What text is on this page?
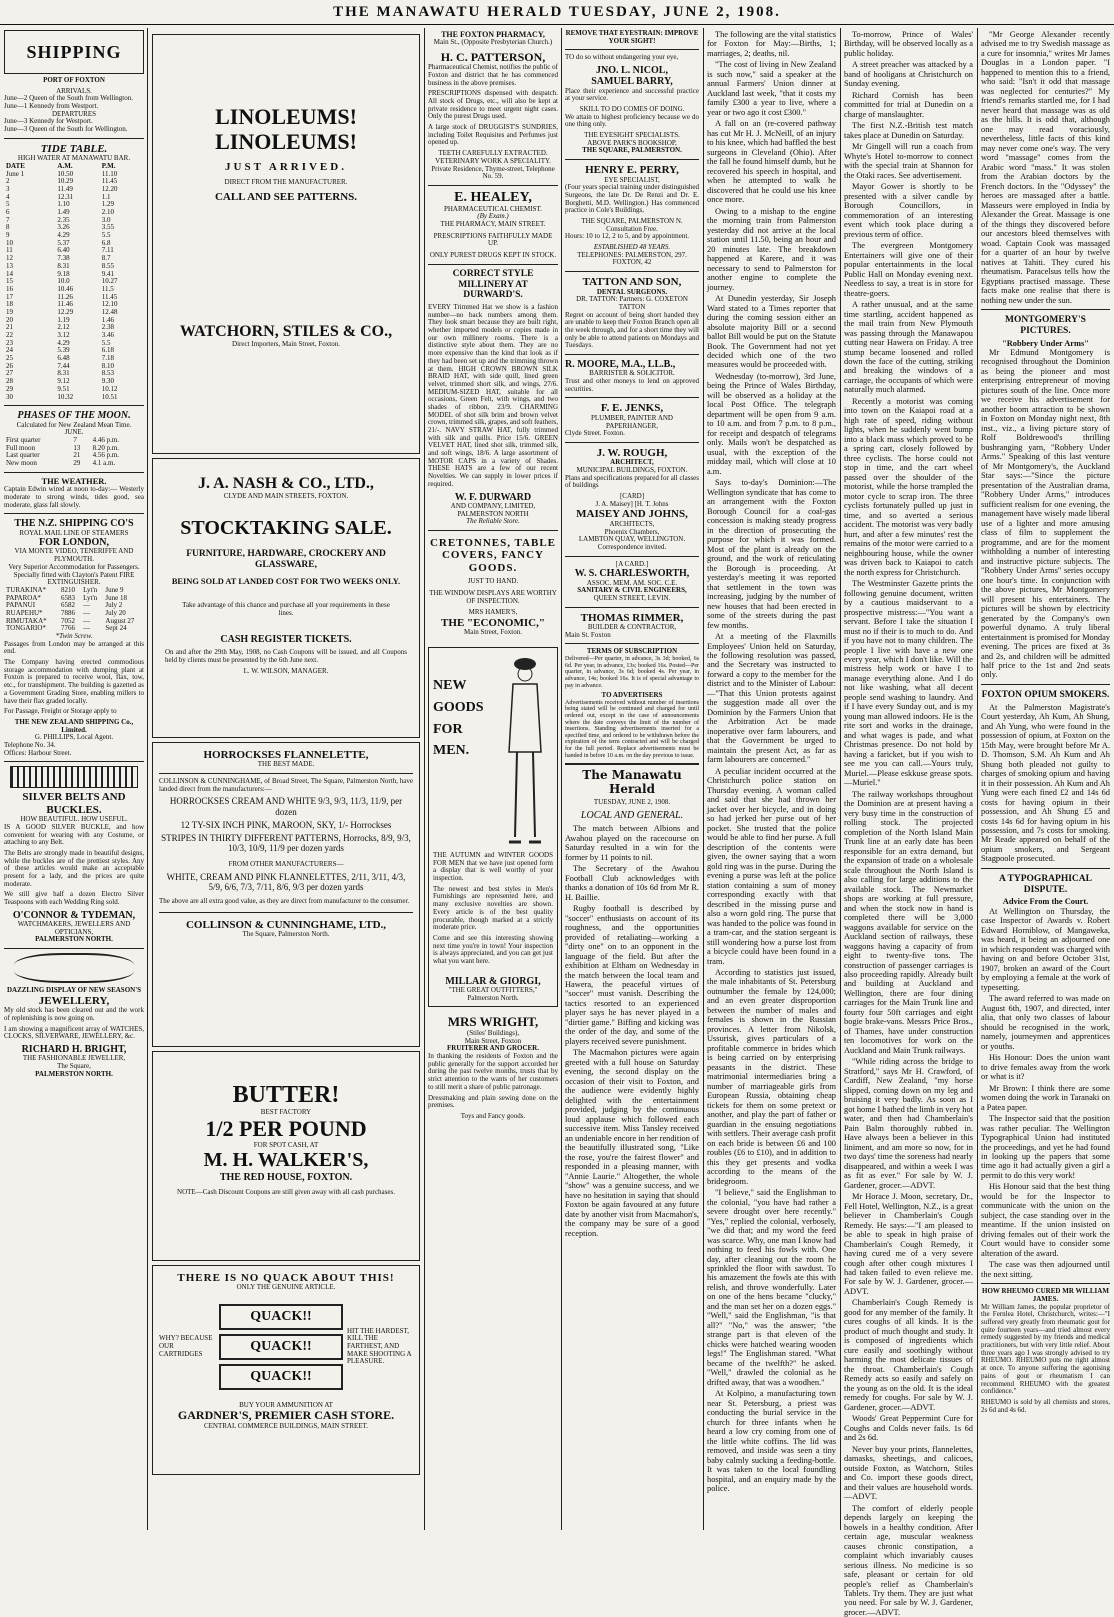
THE MANAWATU HERALD TUESDAY, JUNE 2, 1908.
SHIPPING
PORT OF FOXTON
ARRIVALS.
June—2 Queen of the South from Wellington.
June—1 Kennedy from Westport.
DEPARTURES
June—3 Kennedy for Westport.
June—3 Queen of the South for Wellington.
TIDE TABLE.
HIGH WATER AT MANAWATU BAR.
DATE	A.M.	P.M.
June 1	10.50	11.10
2	10.29	11.45
3	11.49	12.20
4	12.31	1.1
5	1.10	1.29
6	1.49	2.10
7	2.35	3.0
8	3.26	3.55
9	4.29	5.5
10	5.37	6.8
11	6.40	7.11
12	7.38	8.7
13	8.31	8.55
14	9.18	9.41
15	10.0	10.27
16	10.46	11.5
17	11.26	11.45
18	11.46	12.10
19	12.29	12.48
20	1.19	1.46
21	2.12	2.38
22	3.12	3.46
23	4.29	5.5
24	5.39	6.18
25	6.48	7.18
26	7.44	8.10
27	8.31	8.53
28	9.12	9.30
29	9.51	10.12
30	10.32	10.51
PHASES OF THE MOON.
Calculated for New Zealand Mean Time.
JUNE.
First quarter	7	4.46 p.m.
Full moon	13	8.20 p.m.
Last quarter	21	4.56 p.m.
New moon	29	4.1 a.m.
THE WEATHER.
Captain Edwin wired at noon to-day:— Westerly moderate to strong winds, tides good, sea moderate, glass fall slowly.
THE N.Z. SHIPPING CO'S
ROYAL MAIL LINE OF STEAMERS
FOR LONDON,
VIA MONTE VIDEO, TENERIFFE AND PLYMOUTH.
Very Superior Accommodation for Passengers.
Specially fitted with Clayton's Patent FIRE EXTINGUISHER.
TURAKINA*	8210	Lyt'n	June 9
PAPAROA*	6583	Lyt'n	June 18
PAPANUI	6582	—	July 2
RUAPEHU*	7886	—	July 20
RIMUTAKA*	7052	—	August 27
TONGARIO*	7766	—	Sept 24
*Twin Screw.
Passages from London may be arranged at this end.
The Company having erected commodious storage accommodation with dumping plant at Foxton is prepared to receive wool, flax, tow, etc., for transhipment. The building is gazetted as a Government Grading Store, enabling millers to have their flax graded locally.
For Passage, Freight or Storage apply to
THE NEW ZEALAND SHIPPING Co., Limited.
G. PHILLIPS, Local Agent.
Telephone No. 34.
Offices: Harbour Street.
SILVER BELTS AND BUCKLES.
HOW BEAUTIFUL. HOW USEFUL.
IS A GOOD SILVER BUCKLE, and how convenient for wearing with any Costume, or attaching to any Belt.
The Belts are strongly made in beautiful designs, while the buckles are of the prettiest styles. Any of these articles would make an acceptable present for a lady, and the prices are quite moderate.
We still give half a dozen Electro Silver Teaspoons with each Wedding Ring sold.
O'CONNOR & TYDEMAN,
WATCHMAKERS, JEWELLERS AND OPTICIANS,
PALMERSTON NORTH.
DAZZLING DISPLAY OF NEW SEASON'S
JEWELLERY,
My old stock has been cleared out and the work of replenishing is now going on.
I am showing a magnificent array of WATCHES, CLOCKS, SILVERWARE, JEWELLERY, &c.
RICHARD H. BRIGHT,
THE FASHIONABLE JEWELLER,
The Square,
PALMERSTON NORTH.
LINOLEUMS!
LINOLEUMS!
JUST ARRIVED.
DIRECT FROM THE MANUFACTURER.
CALL AND SEE PATTERNS.
WATCHORN, STILES & CO.,
Direct Importers, Main Street, Foxton.
J. A. NASH & CO., LTD.,
CLYDE AND MAIN STREETS, FOXTON.
STOCKTAKING SALE.
FURNITURE, HARDWARE, CROCKERY AND GLASSWARE,
BEING SOLD AT LANDED COST FOR TWO WEEKS ONLY.
Take advantage of this chance and purchase all your requirements in these lines.
CASH REGISTER TICKETS.
On and after the 29th May, 1908, no Cash Coupons will be issued, and all Coupons held by clients must be presented by the 6th June next.
L. W. WILSON, MANAGER.
HORROCKSES FLANNELETTE,
THE BEST MADE.
COLLINSON & CUNNINGHAME, of Broad Street, The Square, Palmerston North, have landed direct from the manufacturers:—
HORROCKSES CREAM AND WHITE 9/3, 9/3, 11/3, 11/9, per dozen
12 TY-SIX INCH PINK, MAROON, SKY, 1/- Horrockses
STRIPES IN THIRTY DIFFERENT PATTERNS, Horrocks, 8/9, 9/3, 10/3, 10/9, 11/9 per dozen yards
FROM OTHER MANUFACTURERS—
WHITE, CREAM AND PINK FLANNELETTES, 2/11, 3/11, 4/3, 5/9, 6/6, 7/3, 7/11, 8/6, 9/3 per dozen yards
The above are all extra good value, as they are direct from manufacturer to the consumer.
COLLINSON & CUNNINGHAME, LTD.,
The Square, Palmerston North.
BUTTER!
BEST FACTORY
1/2 PER POUND
FOR SPOT CASH, AT
M. H. WALKER'S,
THE RED HOUSE, FOXTON.
NOTE—Cash Discount Coupons are still given away with all cash purchases.
THERE IS NO QUACK ABOUT THIS!
ONLY THE GENUINE ARTICLE.
WHY? BECAUSE OUR CARTRIDGES
QUACK!!
QUACK!!
QUACK!!
HIT THE HARDEST, KILL THE FARTHEST, AND MAKE SHOOTING A PLEASURE.
BUY YOUR AMMUNITION AT
GARDNER'S, PREMIER CASH STORE.
CENTRAL COMMERCE BUILDINGS, MAIN STREET.
THE FOXTON PHARMACY,
Main St., (Opposite Presbyterian Church.)
H. C. PATTERSON,
Pharmaceutical Chemist, notifies the public of Foxton and district that he has commenced business in the above premises.
PRESCRIPTIONS dispensed with despatch. All stock of Drugs, etc., will also be kept at private residence to meet urgent night cases. Only the purest Drugs used.
A large stock of DRUGGIST'S SUNDRIES, including Toilet Requisites and Perfumes just opened up.
TEETH CAREFULLY EXTRACTED.
VETERINARY WORK A SPECIALITY.
Private Residence, Thyme-street, Telephone No. 59.
E. HEALEY,
PHARMACEUTICAL CHEMIST.
(By Exam.)
THE PHARMACY, MAIN STREET.
PRESCRIPTIONS FAITHFULLY MADE UP.
ONLY PUREST DRUGS KEPT IN STOCK.
CORRECT STYLE MILLINERY AT DURWARD'S.
EVERY Trimmed Hat we show is a fashion number—no back numbers among them. They look smart because they are built right, whether imported models or copies made in our own millinery rooms. There is a distinctive style about them. They are no more expensive than the kind that look as if they had been set up and the trimming thrown at them. HIGH CROWN BROWN SILK BRAID HAT, with side quill, lined green velvet, trimmed short silk, and wings, 27/6. MEDIUM-SIZED HAT, suitable for all occasions, Green Felt, with wings, and two shades of ribbon, 23/9. CHARMING MODEL of shot silk brim and brown velvet crown, trimmed silk, grapes, and soft feathers, 21/-. NAVY STRAW HAT, fully trimmed with silk and quills. Price 15/6. GREEN VELVET HAT, lined shot silk, trimmed silk, and soft wings, 18/6. A large assortment of MOTOR CAPS in a variety of Shades. THESE HATS are a few of our recent Novelties. We can supply in lower prices if required.
W. F. DURWARD
AND COMPANY, LIMITED, PALMERSTON NORTH
The Reliable Store.
CRETONNES, TABLE COVERS, FANCY GOODS.
JUST TO HAND.
THE WINDOW DISPLAYS ARE WORTHY OF INSPECTION.
MRS HAMER'S,
THE "ECONOMIC,"
Main Street, Foxton.
NEW
GOODS
FOR
MEN.
THE AUTUMN and WINTER GOODS FOR MEN that we have just opened form a display that is well worthy of your inspection.
The newest and best styles in Men's Furnishings are represented here, and many exclusive novelties are shown. Every article is of the best quality procurable, though marked at a strictly moderate price.
Come and see this interesting showing next time you're in town! Your inspection is always appreciated, and you can get just what you want here.
MILLAR & GIORGI,
"THE GREAT OUTFITTERS,"
Palmerston North.
MRS WRIGHT,
(Stiles' Buildings),
Main Street, Foxton
FRUITERER AND GROCER.
In thanking the residents of Foxton and the public generally for the support accorded her during the past twelve months, trusts that by strict attention to the wants of her customers to still merit a share of public patronage.
Dressmaking and plain sewing done on the premises.
Toys and Fancy goods.
REMOVE THAT EYESTRAIN: IMPROVE YOUR SIGHT!
TO do so without endangering your eye,
JNO. L. NICOL,
SAMUEL BARRY,
Place their experience and successful practice at your service.
SKILL TO DO COMES OF DOING.
We attain to highest proficiency because we do one thing only.
THE EYESIGHT SPECIALISTS.
ABOVE PARK'S BOOKSHOP,
THE SQUARE, PALMERSTON.
HENRY E. PERRY,
EYE SPECIALIST,
(Four years special training under distinguished Surgeons, the late Dr. De Renzi and Dr. E. Borghetti, M.D. Wellington.) Has commenced practice in Cole's Buildings,
THE SQUARE, PALMERSTON N. Consultation Free.
Hours: 10 to 12, 2 to 5, and by appointment.
ESTABLISHED 48 YEARS.
TELEPHONES: PALMERSTON, 297. FOXTON, 42
TATTON AND SON,
DENTAL SURGEONS.
DR. TATTON: Partners: G. COXETON TATTON
Regret on account of being short handed they are unable to keep their Foxton Branch open all the week through, and for a short time they will only be able to attend patients on Mondays and Tuesdays.
R. MOORE, M.A., LL.B.,
BARRISTER & SOLICITOR.
Trust and other moneys to lend on approved securities.
F. E. JENKS,
PLUMBER, PAINTER AND PAPERHANGER,
Clyde Street. Foxton.
J. W. ROUGH,
ARCHITECT,
MUNICIPAL BUILDINGS, FOXTON.
Plans and specifications prepared for all classes of buildings
[CARD]
J. A. Maisey] [H. T. Johns
MAISEY AND JOHNS,
ARCHITECTS,
Phoenix Chambers,
LAMBTON QUAY, WELLINGTON.
Correspondence invited.
[A CARD.]
W. S. CHARLESWORTH,
ASSOC. MEM. AM. SOC. C.E.
SANITARY & CIVIL ENGINEERS,
QUEEN STREET, LEVIN.
THOMAS RIMMER,
BUILDER & CONTRACTOR,
Main St. Foxton
TERMS OF SUBSCRIPTION
Delivered—Per quarter, in advance, 3s 3d; booked, 6s 6d. Per year, in advance, 13s; booked 16s. Posted—Per quarter, in advance, 3s 6d; booked 4s. Per year, in advance, 14s; booked 16s. It is of special advantage to pay in advance.
TO ADVERTISERS
Advertisements received without number of insertions being stated will be continued and charged for until ordered out, except in the case of announcements where the date conveys the limit of the number of insertions. Standing advertisements inserted for a specified time, and ordered to be withdrawn before the expiration of the term contracted and will be charged for the full period. Replace advertisements must be handed in before 10 a.m. on the day previous to issue.
The Manawatu Herald
TUESDAY, JUNE 2, 1908.
LOCAL AND GENERAL.
The match between Albions and Awahou played on the racecourse on Saturday resulted in a win for the former by 11 points to nil.
The Secretary of the Awahou Football Club acknowledges with thanks a donation of 10s 6d from Mr R. H. Baillie.
Rugby football is described by "soccer" enthusiasts on account of its roughness, and the opportunities provided of retaliating—working a "dirty one" on to an opponent in the language of the field. But after the exhibition at Eltham on Wednesday in the match between the local team and Hawera, the peaceful virtues of "soccer" must vanish. Describing the tactics resorted to an experienced player says he has never played in a "dirtier game." Biffing and kicking was the order of the day, and some of the players received severe punishment.
The Macmahon pictures were again greeted with a full house on Saturday evening, the second display on the occasion of their visit to Foxton, and the audience were evidently highly delighted with the entertainment provided, judging by the continuous loud applause which followed each successive item. Miss Tansley received an undeniable encore in her rendition of the beautifully illustrated song, "Like the rose, you're the fairest flower" and responded in a pleasing manner, with "Annie Laurie." Altogether, the whole "show" was a genuine success, and we have no hesitation in saying that should Foxton be again favoured at any future date by another visit from Macmahon's, the company may be sure of a good reception.
The following are the vital statistics for Foxton for May:—Births, 1; marriages, 2; deaths, nil.
"The cost of living in New Zealand is such now," said a speaker at the annual Farmers' Union dinner at Auckland last week, "that it costs my family £300 a year to live, where a year or two ago it cost £300."
A fall on an (re-covered pathway has cut Mr H. J. McNeill, of an injury to his knee, which had baffled the best surgeons in Cleveland (Ohio). After the fall he found himself dumb, but he recovered his speech in hospital, and when he attempted to walk he discovered that he could use his knee once more.
Owing to a mishap to the engine the morning train from Palmerston yesterday did not arrive at the local station until 11.50, being an hour and 20 minutes late. The breakdown happened at Karere, and it was necessary to send to Palmerston for another engine to complete the journey.
At Dunedin yesterday, Sir Joseph Ward stated to a Times reporter that during the coming session either an absolute majority Bill or a second ballot Bill would be put on the Statute Book. The Government had not yet decided which one of the two measures would be proceeded with.
Wednesday (to-morrow), 3rd June, being the Prince of Wales Birthday, will be observed as a holiday at the local Post Office. The telegraph department will be open from 9 a.m. to 10 a.m. and from 7 p.m. to 8 p.m., for receipt and despatch of telegrams only. Mails won't be despatched as usual, with the exception of the midday mail, which will close at 10 a.m.
Says to-day's Dominion:—The Wellington syndicate that has come to an arrangement with the Foxton Borough Council for a coal-gas concession is making steady progress in the direction of prosecuting the purpose for which it was formed. Most of the plant is already on the ground, and the work of reticulating the Borough is proceeding. At yesterday's meeting it was reported that settlement in the town was increasing, judging by the number of new houses that had been erected in some of the streets during the past few months.
At a meeting of the Flaxmills Employees' Union held on Saturday, the following resolution was passed, and the Secretary was instructed to forward a copy to the member for the district and to the Minister of Labour:—"That this Union protests against the suggestion made all over the Dominion by the Farmers Union that the Arbitration Act be made inoperative over farm labourers, and that the Government be urged to maintain the present Act, as far as farm labourers are concerned."
A peculiar incident occurred at the Christchurch police station on Thursday evening. A woman called and said that she had thrown her jacket over her bicycle, and in doing so had jerked her purse out of her pocket. She trusted that the police would be able to find her purse. A full description of the contents were given, the owner saying that a worn gold ring was in the purse. During the evening a purse was left at the police station containing a sum of money corresponding exactly with that described in the missing purse and also a worn gold ring. The purse that was handed to the police was found in a tram-car, and the station sergeant is still wondering how a purse lost from a bicycle could have been found in a tram.
According to statistics just issued, the male inhabitants of St. Petersburg outnumber the female by 124,000; and an even greater disproportion between the number of males and females is shown in the Russian provinces. A letter from Nikolsk, Ussurisk, gives particulars of a profitable commerce in brides which is being carried on by enterprising peasants in the district. These matrimonial intermediaries bring a number of marriageable girls from European Russia, obtaining cheap tickets for them on some pretext or another, and play the part of father or guardian in the ensuing negotiations with settlers. Their average cash profit on each bride is between £6 and 100 roubles (£6 to £10), and in addition to this they get presents and vodka according to the means of the bridegroom.
"I believe," said the Englishman to the colonial, "you have had rather a severe drought over here recently." "Yes," replied the colonial, verbosely, "we did that; and my word the feed was scarce. Why, one man I know had nothing to feed his fowls with. One day, after cleaning out the room he sprinkled the floor with sawdust. To his amazement the fowls ate this with relish, and throve wonderfully. Later on one of the hens became "clucky," and the man set her on a dozen eggs." "Well," said the Englishman, "is that all?" "No," was the answer; "the strange part is that eleven of the chicks were hatched wearing wooden legs!" The Englishman stared. "What became of the twelfth?" he asked. "Well," drawled the colonial as he drifted away, that was a woodhen."
At Kolpino, a manufacturing town near St. Petersburg, a priest was conducting the burial service in the church for three infants when he heard a low cry coming from one of the little white coffins. The lid was removed, and inside was seen a tiny baby calmly sucking a feeding-bottle. It was taken to the local foundling hospital, and an enquiry made by the police.
To-morrow, Prince of Wales' Birthday, will be observed locally as a public holiday.
A street preacher was attacked by a band of hooligans at Christchurch on Sunday evening.
Richard Cornish has been committed for trial at Dunedin on a charge of manslaughter.
The first N.Z.-British test match takes place at Dunedin on Saturday.
Mr Gingell will run a coach from Whyte's Hotel to-morrow to connect with the special train at Shannon for the Otaki races. See advertisement.
Mayor Gower is shortly to be presented with a silver candle by Borough Councillors, in commemoration of an interesting event which took place during a previous term of office.
The evergreen Montgomery Entertainers will give one of their popular entertainments in the local Public Hall on Monday evening next. Needless to say, a treat is in store for theatre-goers.
A rather unusual, and at the same time startling, accident happened as the mail train from New Plymouth was passing through the Manawapou cutting near Hawera on Friday. A tree stump became loosened and rolled down the face of the cutting, striking and breaking the windows of a carriage, the occupants of which were naturally much alarmed.
Recently a motorist was coming into town on the Kaiapoi road at a high rate of speed, riding without lights, when he suddenly went bump into a black mass which proved to be a spring cart, closely followed by three cyclists. The horse could not stop in time, and the cart wheel passed over the shoulder of the motorist, while the horse trampled the motor cycle to scrap iron. The three cyclists fortunately pulled up just in time, and so averted a serious accident. The motorist was very badly hurt, and after a few minutes' rest the remains of the motor were carried to a neighbouring house, while the owner was driven back to Kaiapoi to catch the north express for Christchurch.
The Westminster Gazette prints the following genuine document, written by a cautious maidservant to a prospective mistress:—"You want a servant. Before I take the situation I must no if their is to much to do. And if you have not to many children. The people I live with have a new one every year, which I don't like. Will the mistress help work or have I to manage everything alone. And I do not like washing, what all decent people send washing to laundry. And if I have every Sunday out, and is my young man allowed indoors. He is the rite sort and works in the drainage, and what wages is pade, and what Christmas presence. Do not hold by having a faricket, but if you wish to see me you can call.—Yours truly, Muriel.—Please eskkuse grease spots.—Muriel."
The railway workshops throughout the Dominion are at present having a very busy time in the construction of rolling stock. The projected completion of the North Island Main Trunk line at an early date has been responsible for an extra demand, but the expansion of trade on a wholesale scale throughout the North Island is also calling for large additions to the available stock. The Newmarket shops are working at full pressure, and when the stock now in hand is completed there will be 3,000 waggons available for service on the Auckland section of railways, these waggons having a capacity of from eight to twenty-five tons. The construction of passenger carriages is also proceeding rapidly. Already built and building at Auckland and Wellington, there are four dining carriages for the Main Trunk line and fourty four 50ft carriages and eight bogie brake-vans. Messrs Price Bros., of Thames, have under construction ten locomotives for work on the Auckland and Main Trunk railways.
"While riding across the bridge to Stratford," says Mr H. Crawford, of Cardiff, New Zealand, "my horse slipped, coming down on my leg and bruising it very badly. As soon as I got home I bathed the limb in very hot water, and then had Chamberlain's Pain Balm thoroughly rubbed in. Have always been a believer in this liniment, and am more so now, for in two days' time the soreness had nearly disappeared, and within a week I was as fit as ever." For sale by W. J. Gardener, grocer.—ADVT.
Mr Horace J. Moon, secretary, Dr., Fell Hotel, Wellington, N.Z., is a great believer in Chamberlain's Cough Remedy. He says:—"I am pleased to be able to speak in high praise of Chamberlain's Cough Remedy, it having cured me of a very severe cough after other cough mixtures I had taken failed to even relieve me. For sale by W. J. Gardener, grocer.—ADVT.
Chamberlain's Cough Remedy is good for any member of the family. It cures coughs of all kinds. It is the product of much thought and study. It is composed of ingredients which cure easily and soothingly without harming the most delicate tissues of the throat. Chamberlain's Cough Remedy acts so easily and safely on the young as on the old. It is the ideal remedy for coughs. For sale by W. J. Gardener, grocer.—ADVT.
Woods' Great Peppermint Cure for Coughs and Colds never fails. 1s 6d and 2s 6d.
Never buy your prints, flannelettes, damasks, sheetings, and calicoes, outside Foxton, as Watchorn, Stiles and Co. import these goods direct, and their values are household words.—ADVT.
The comfort of elderly people depends largely on keeping the bowels in a healthy condition. After certain age, muscular weakness causes chronic constipation, a complaint which invariably causes serious illness. No medicine is so safe, pleasant or certain for old people's relief as Chamberlain's Tablets. Try them. They are just what you need. For sale by W. J. Gardener, grocer.—ADVT.
"Mr George Alexander recently advised me to try Swedish massage as a cure for insomnia," writes Mr James Douglas in a London paper. "I happened to mention this to a friend, who said: "Isn't it odd that massage was neglected for centuries?" My friend's remarks startled me, for I had never heard that massage was as old as the hills. It is odd that, although one may read voraciously, nevertheless, little facts of this kind may never come one's way. The very word "massage" comes from the Arabic word "mass." It was stolen from the Arabian doctors by the French doctors. In the "Odyssey" the heroes are massaged after a battle. Masseurs were employed in India by Alexander the Great. Massage is one of the things they discovered before our ancestors bleed themselves with woad. Captain Cook was massaged for a quarter of an hour by twelve natives at Tahiti. They cured his rheumatism. Paracelsus tells how the Egyptians practised massage. These facts make one realise that there is nothing new under the sun.
MONTGOMERY'S PICTURES.
"Robbery Under Arms"
Mr Edmund Montgomery is recognised throughout the Dominion as being the pioneer and most enterprising entrepreneur of moving pictures south of the line. Once more we receive his advertisement for another boom attraction to be shown in Foxton on Monday night next, 8th inst., viz., a living picture story of Rolf Boldrewood's thrilling bushranging yarn, "Robbery Under Arms." Speaking of this last venture of Mr Montgomery's, the Auckland Star says:—"Since the picture presentation of the Australian drama, "Robbery Under Arms," introduces sufficient realism for one evening, the management have wisely made liberal use of a lighter and more amusing class of film to supplement the programme, and are for the moment withholding a number of interesting and instructive picture subjects. The "Robbery Under Arms" series occupy one hour's time. In conjunction with the above pictures, Mr Montgomery will present his entertainers. The pictures will be shown by electricity generated by the Company's own powerful dynamo. A truly liberal entertainment is promised for Monday evening. The prices are fixed at 3s and 2s, and children will be admitted half price to the 1st and 2nd seats only.
FOXTON OPIUM SMOKERS.
At the Palmerston Magistrate's Court yesterday, Ah Kum, Ah Shung, and Ah Yung, who were found in the possession of opium, at Foxton on the 15th May, were brought before Mr A. D. Thomson, S.M. Ah Kum and Ah Shung both pleaded not guilty to charges of smoking opium and having it in their possession. Ah Kum and Ah Yung were each fined £2 and 14s 6d costs for having opium in their possession, and Ah Shung £5 and costs 14s 6d for having opium in his possession, and 7s costs for smoking. Mr Reade appeared on behalf of the opium smokers, and Sergeant Stagpoole prosecuted.
A TYPOGRAPHICAL DISPUTE.
Advice From the Court.
At Wellington on Thursday, the case Inspector of Awards v. Robert Edward Horniblow, of Mangaweka, was heard, it being an adjourned one in which respondent was charged with having on and before October 31st, 1907, broken an award of the Court by employing a female at the work of typesetting.
The award referred to was made on August 6th, 1907, and directed, inter alia, that only two classes of labour should be recognised in the work, namely, journeymen and apprentices or youths.
His Honour: Does the union want to drive females away from the work or what is it?
Mr Brown: I think there are some women doing the work in Taranaki on a Patea paper.
The Inspector said that the position was rather peculiar. The Wellington Typographical Union had instituted the proceedings, and yet he had found in looking up the papers that some time ago it had actually given a girl a permit to do this very work!
His Honour said that the best thing would be for the Inspector to communicate with the union on the subject, the case standing over in the meantime. If the union insisted on driving females out of their work the Court would have to consider some alteration of the award.
The case was then adjourned until the next sitting.
HOW RHEUMO CURED MR WILLIAM JAMES.
Mr William James, the popular proprietor of the Fernlea Hotel, Christchurch, writes:—"I suffered very greatly from rheumatic gout for quite fourteen years—and tried almost every remedy suggested by my friends and medical practitioners, but with very little relief. About three years ago I was strongly advised to try RHEUMO. RHEUMO puts me right almost at once. To anyone suffering the agonising pains of gout or rheumatism I can recommend RHEUMO with the greatest confidence."
RHEUMO is sold by all chemists and stores, 2s 6d and 4s 6d.
